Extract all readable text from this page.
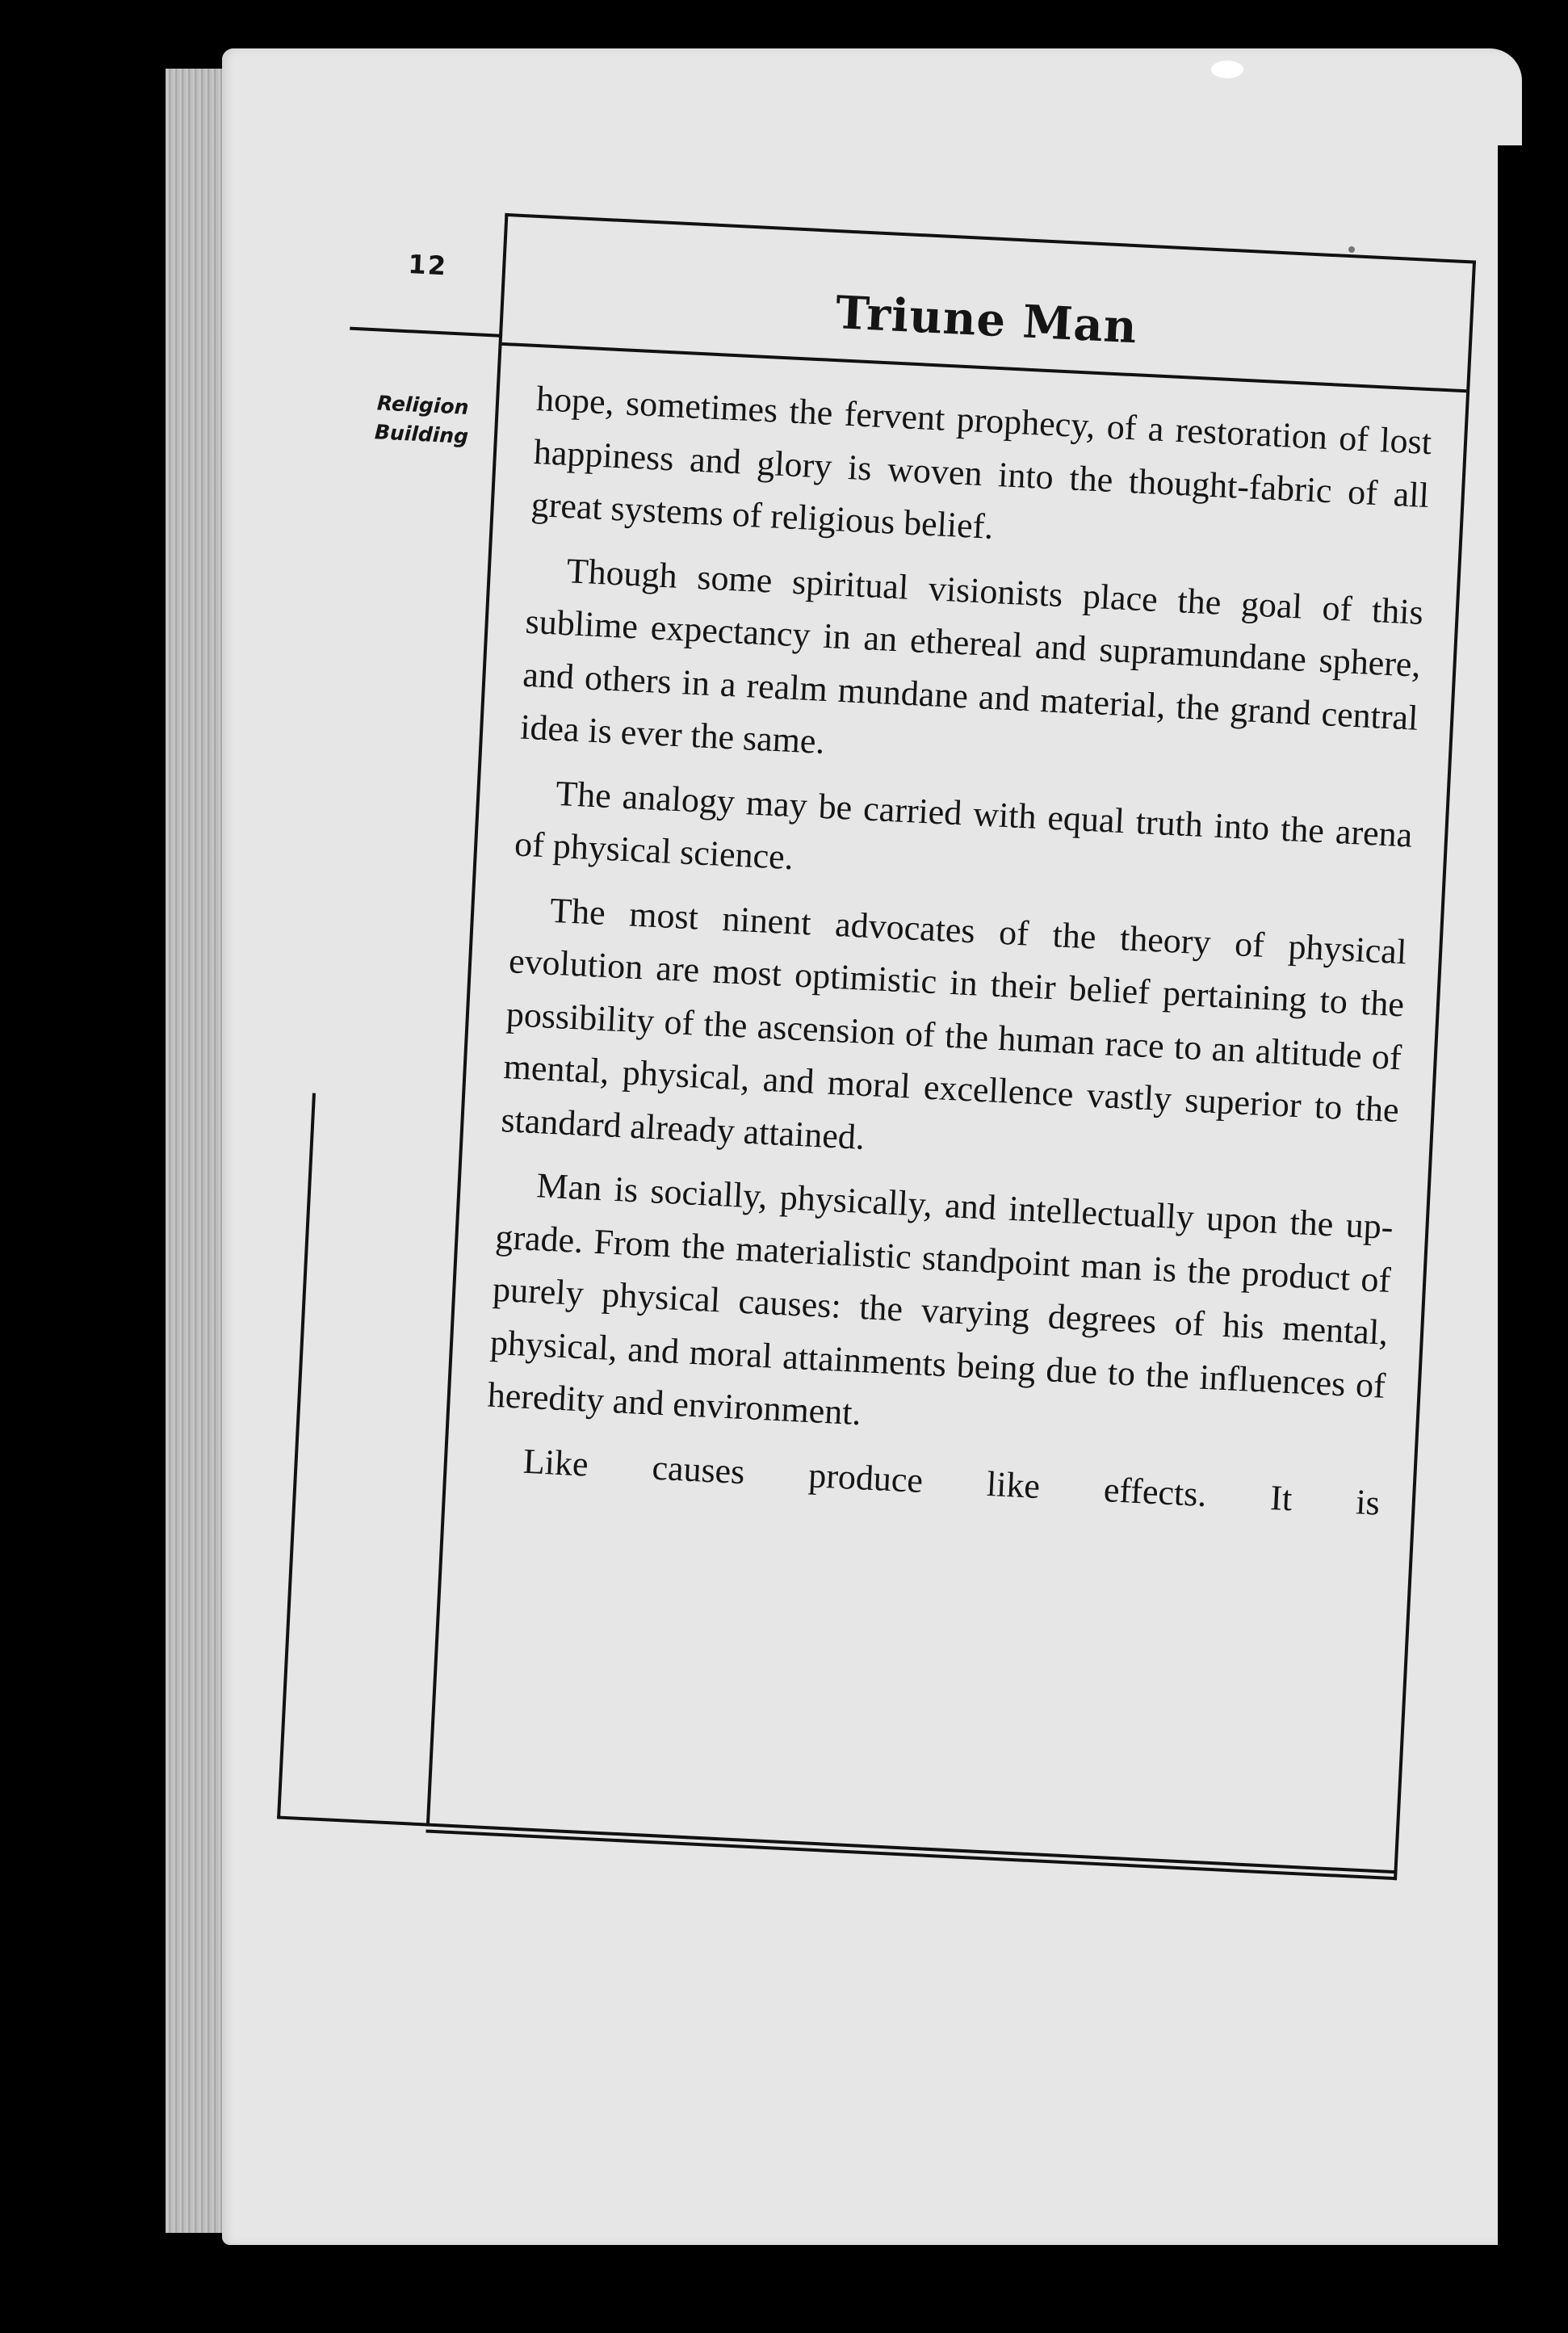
12
Triune Man
Religion
Building	hope, sometimes the fervent prophecy, of a restoration of lost happiness and glory is woven into the thought-fabric of all great systems of religious belief.

Though some spiritual visionists place the goal of this sublime expectancy in an ethereal and supramundane sphere, and others in a realm mundane and material, the grand central idea is ever the same.

The analogy may be carried with equal truth into the arena of physical science.

The most ninent advocates of the theory of physical evolution are most optimistic in their belief pertaining to the possibility of the ascension of the human race to an altitude of mental, physical, and moral excellence vastly superior to the standard already attained.

Man is socially, physically, and intellectually upon the up-grade. From the materialistic standpoint man is the product of purely physical causes: the varying degrees of his mental, physical, and moral attainments being due to the influences of heredity and environment.

Like causes produce like effects. It is
